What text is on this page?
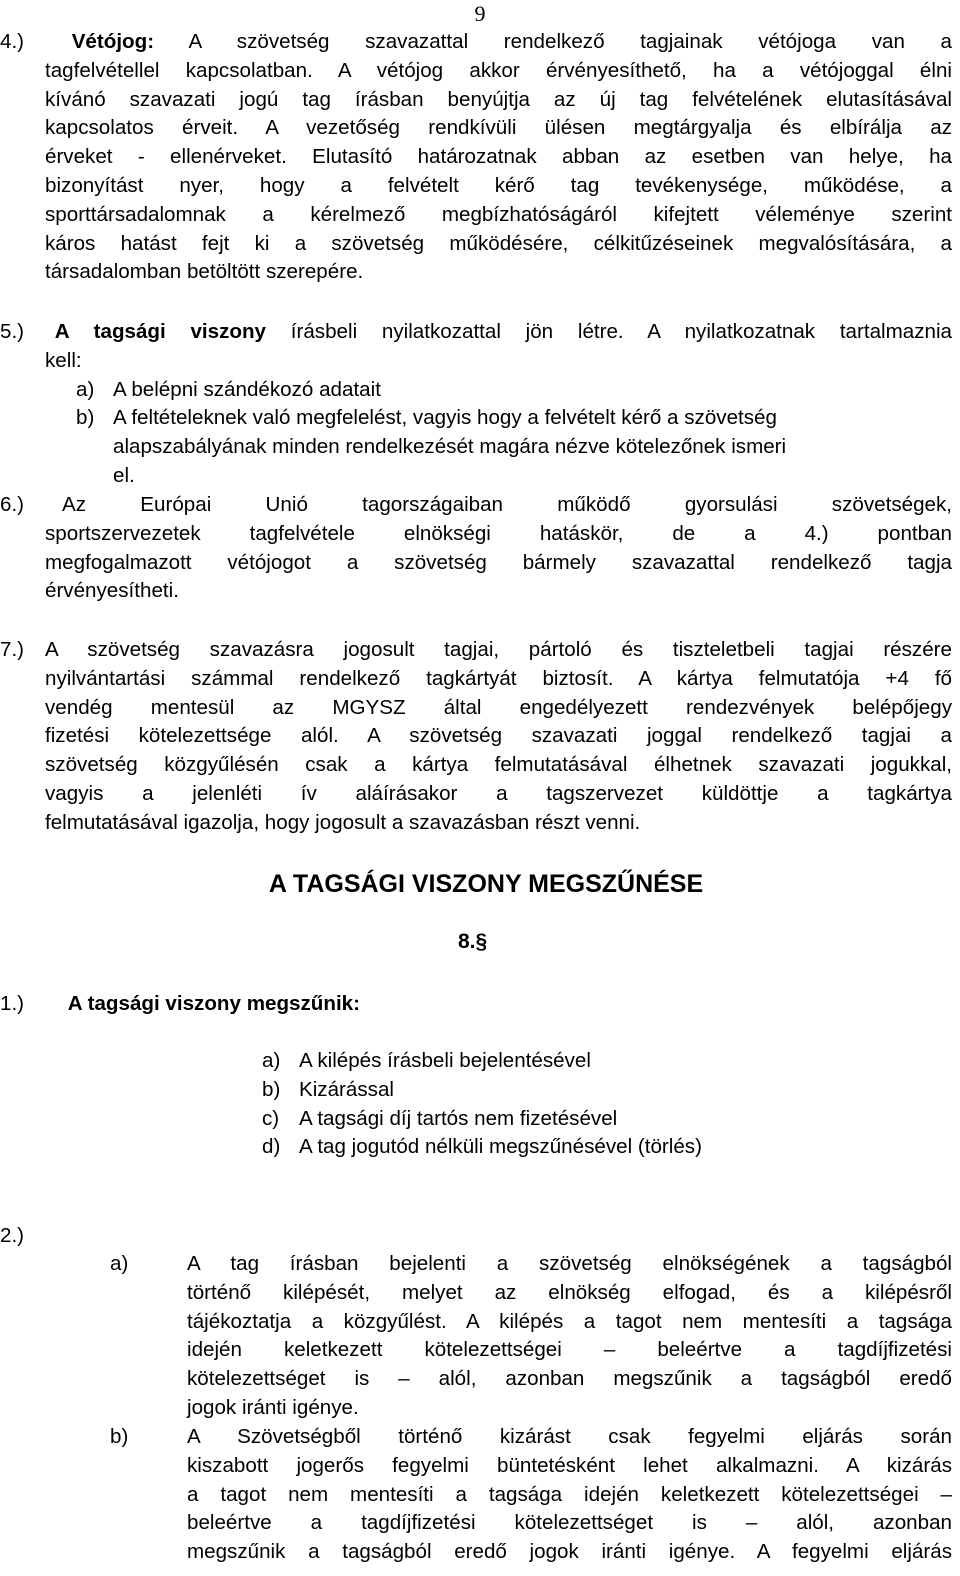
9
4.) Vétójog: A szövetség szavazattal rendelkező tagjainak vétójoga van a
tagfelvétellel kapcsolatban. A vétójog akkor érvényesíthető, ha a vétójoggal élni
kívánó szavazati jogú tag írásban benyújtja az új tag felvételének elutasításával
kapcsolatos érveit. A vezetőség rendkívüli ülésen megtárgyalja és elbírálja az
érveket - ellenérveket. Elutasító határozatnak abban az esetben van helye, ha
bizonyítást nyer, hogy a felvételt kérő tag tevékenysége, működése, a
sporttársadalomnak a kérelmező megbízhatóságáról kifejtett véleménye szerint
káros hatást fejt ki a szövetség működésére, célkitűzéseinek megvalósítására, a
társadalomban betöltött szerepére.
5.) A tagsági viszony írásbeli nyilatkozattal jön létre. A nyilatkozatnak tartalmaznia
kell:
a) A belépni szándékozó adatait
b) A feltételeknek való megfelelést, vagyis hogy a felvételt kérő a szövetség
alapszabályának minden rendelkezését magára nézve kötelezőnek ismeri
el.
6.) Az Európai Unió tagországaiban működő gyorsulási szövetségek,
sportszervezetek tagfelvétele elnökségi hatáskör, de a 4.) pontban
megfogalmazott vétójogot a szövetség bármely szavazattal rendelkező tagja
érvényesítheti.
7.) A szövetség szavazásra jogosult tagjai, pártoló és tiszteletbeli tagjai részére
nyilvántartási számmal rendelkező tagkártyát biztosít. A kártya felmutatója +4 fő
vendég mentesül az MGYSZ által engedélyezett rendezvények belépőjegy
fizetési kötelezettsége alól. A szövetség szavazati joggal rendelkező tagjai a
szövetség közgyűlésén csak a kártya felmutatásával élhetnek szavazati jogukkal,
vagyis a jelenléti ív aláírásakor a tagszervezet küldöttje a tagkártya
felmutatásával igazolja, hogy jogosult a szavazásban részt venni.
A TAGSÁGI VISZONY MEGSZŰNÉSE
8.§
1.) A tagsági viszony megszűnik:
a) A kilépés írásbeli bejelentésével
b) Kizárással
c) A tagsági díj tartós nem fizetésével
d) A tag jogutód nélküli megszűnésével (törlés)
2.)
a)	A tag írásban bejelenti a szövetség elnökségének a tagságból
történő kilépését, melyet az elnökség elfogad, és a kilépésről
tájékoztatja a közgyűlést. A kilépés a tagot nem mentesíti a tagsága
idején keletkezett kötelezettségei – beleértve a tagdíjfizetési
kötelezettséget is – alól, azonban megszűnik a tagságból eredő
jogok iránti igénye.
b)	A Szövetségből történő kizárást csak fegyelmi eljárás során
kiszabott jogerős fegyelmi büntetésként lehet alkalmazni. A kizárás
a tagot nem mentesíti a tagsága idején keletkezett kötelezettségei –
beleértve a tagdíjfizetési kötelezettséget is – alól, azonban
megszűnik a tagságból eredő jogok iránti igénye. A fegyelmi eljárás
